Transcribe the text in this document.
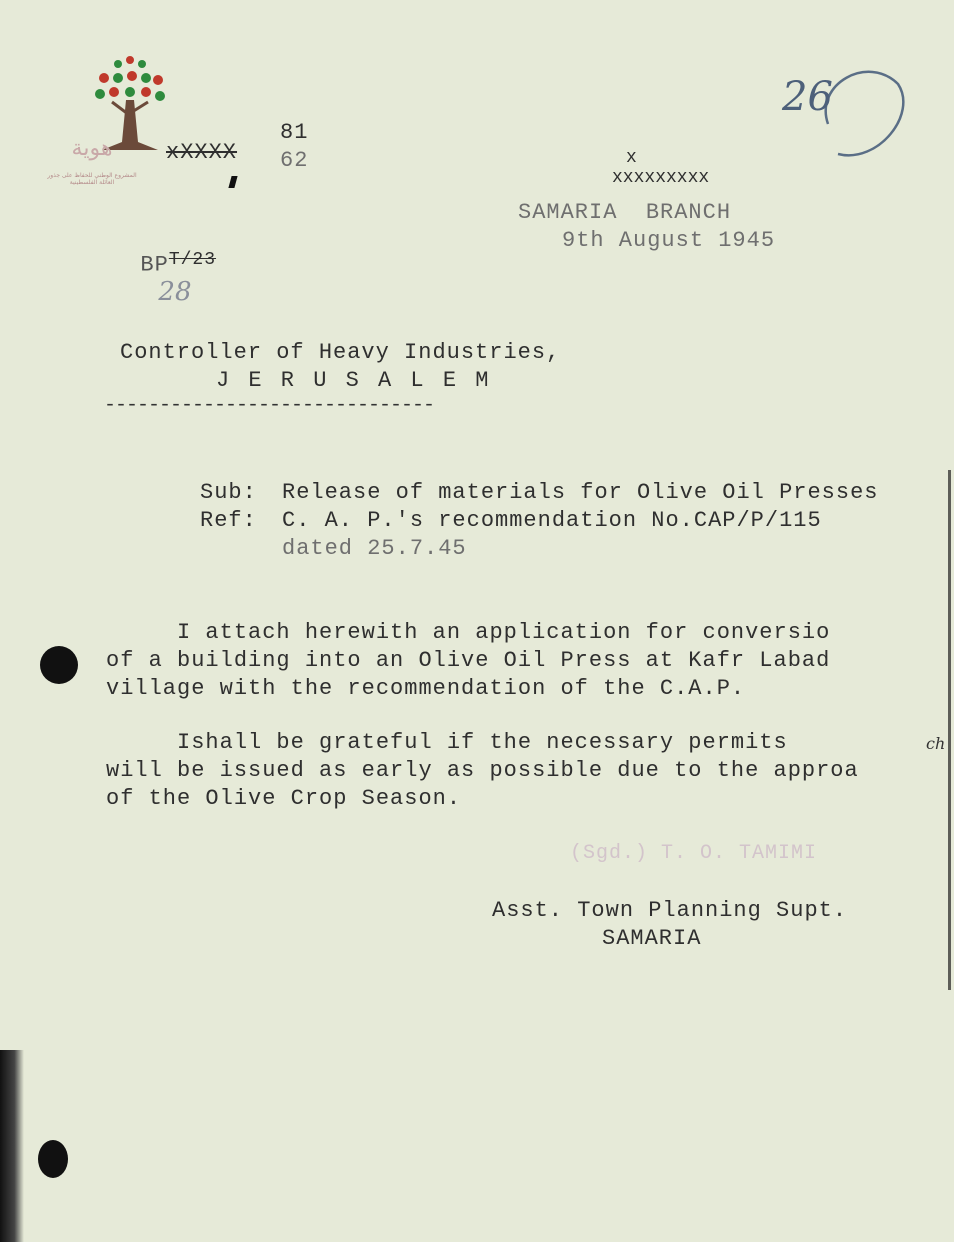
هوية

المشروع الوطني للحفاظ على جذور العائلة الفلسطينية

xXXXX
81
62

$BP^{T/23}$
28

26

x
xxxxxxxxx
SAMARIA  BRANCH
9th August 1945
Controller of Heavy Industries,
J E R U S A L E M
------------------------------
Sub: Release of materials for Olive Oil Presses
Ref: C. A. P.'s recommendation No.CAP/P/115
dated 25.7.45
I attach herewith an application for conversio
of a building into an Olive Oil Press at Kafr Labad
village with the recommendation of the C.A.P.
Ishall be grateful if the necessary permits	ch
will be issued as early as possible due to the approa
of the Olive Crop Season.
(Sgd.) T. O. TAMIMI
Asst. Town Planning Supt.
SAMARIA
